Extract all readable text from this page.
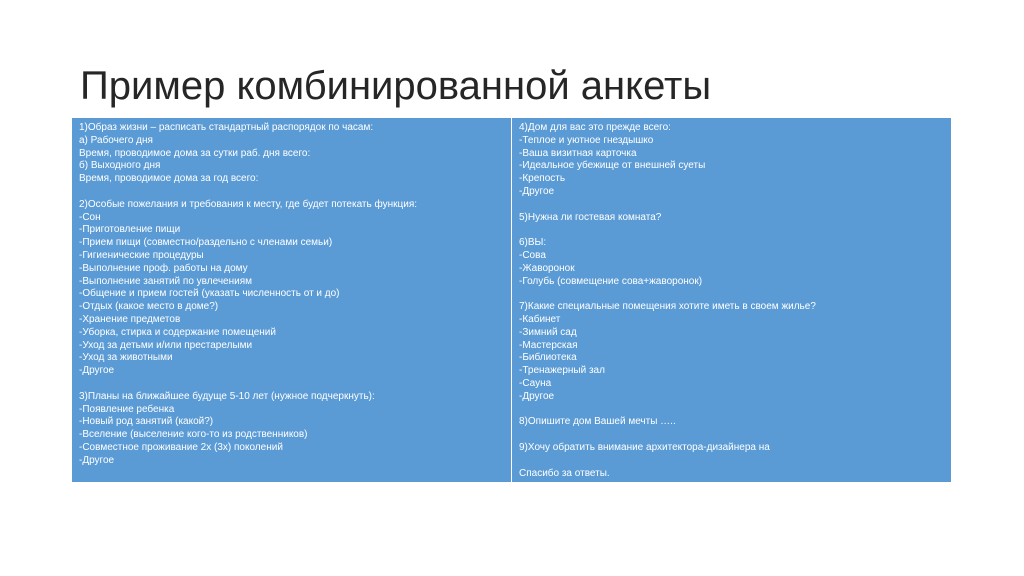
Пример комбинированной анкеты
1)Образ жизни – расписать стандартный распорядок по часам:
а) Рабочего дня
Время, проводимое дома за сутки раб. дня всего:
б) Выходного дня
Время, проводимое дома за год всего:
2)Особые пожелания и требования к месту, где будет потекать функция:
-Сон
-Приготовление пищи
-Прием пищи (совместно/раздельно с членами семьи)
-Гигиенические процедуры
-Выполнение проф. работы на дому
-Выполнение занятий по увлечениям
-Общение и прием гостей (указать численность от и до)
-Отдых (какое место в доме?)
-Хранение предметов
-Уборка, стирка и содержание помещений
-Уход за детьми и/или престарелыми
-Уход за животными
-Другое
3)Планы на ближайшее будуще 5-10 лет (нужное подчеркнуть):
-Появление ребенка
-Новый род занятий (какой?)
-Вселение (выселение кого-то из родственников)
-Совместное проживание 2х (3х) поколений
-Другое
4)Дом для вас это прежде всего:
-Теплое и уютное гнездышко
-Ваша визитная карточка
-Идеальное убежище от внешней суеты
-Крепость
-Другое
5)Нужна ли гостевая комната?
6)ВЫ:
-Сова
-Жаворонок
-Голубь (совмещение сова+жаворонок)
7)Какие специальные помещения хотите иметь в своем жилье?
-Кабинет
-Зимний сад
-Мастерская
-Библиотека
-Тренажерный зал
-Сауна
-Другое
8)Опишите дом Вашей мечты …..
9)Хочу обратить внимание архитектора-дизайнера на
Спасибо за ответы.
